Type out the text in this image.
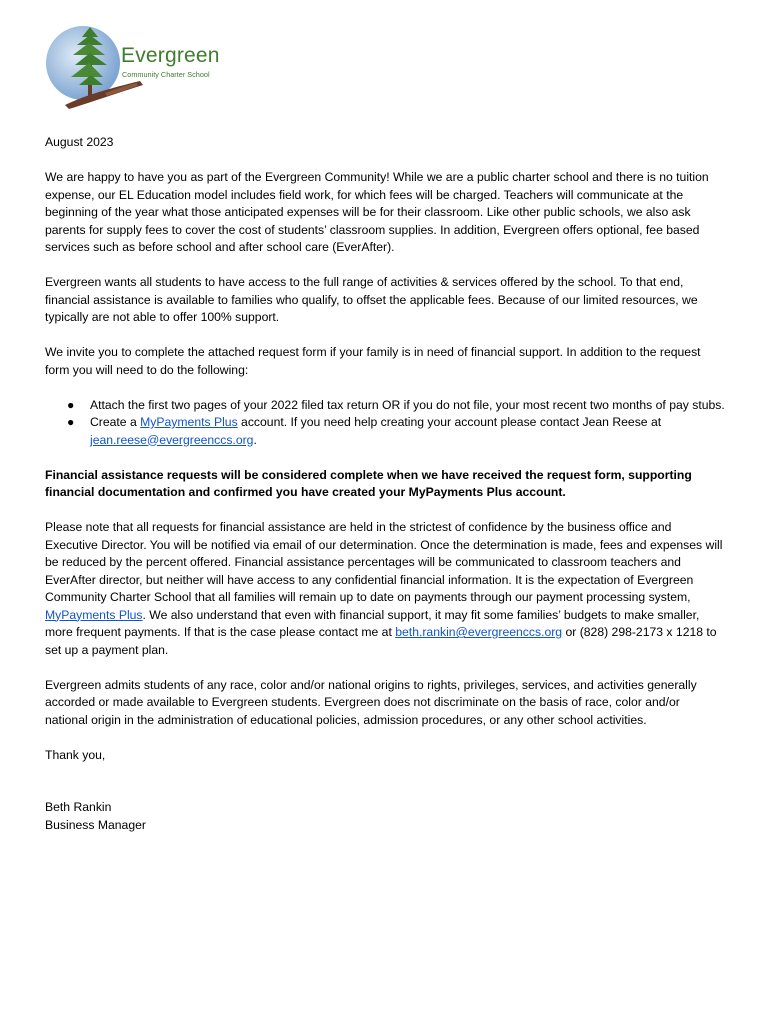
Evergreen
Community Charter School

August 2023

We are happy to have you as part of the Evergreen Community! While we are a public charter school and there is no tuition expense, our EL Education model includes field work, for which fees will be charged. Teachers will communicate at the beginning of the year what those anticipated expenses will be for their classroom. Like other public schools, we also ask parents for supply fees to cover the cost of students’ classroom supplies. In addition, Evergreen offers optional, fee based services such as before school and after school care (EverAfter).

Evergreen wants all students to have access to the full range of activities & services offered by the school. To that end, financial assistance is available to families who qualify, to offset the applicable fees. Because of our limited resources, we typically are not able to offer 100% support.

We invite you to complete the attached request form if your family is in need of financial support. In addition to the request form you will need to do the following:

● Attach the first two pages of your 2022 filed tax return OR if you do not file, your most recent two months of pay stubs.
● Create a MyPayments Plus account. If you need help creating your account please contact Jean Reese at jean.reese@evergreenccs.org.

Financial assistance requests will be considered complete when we have received the request form, supporting financial documentation and confirmed you have created your MyPayments Plus account.

Please note that all requests for financial assistance are held in the strictest of confidence by the business office and Executive Director. You will be notified via email of our determination. Once the determination is made, fees and expenses will be reduced by the percent offered. Financial assistance percentages will be communicated to classroom teachers and EverAfter director, but neither will have access to any confidential financial information. It is the expectation of Evergreen Community Charter School that all families will remain up to date on payments through our payment processing system, MyPayments Plus. We also understand that even with financial support, it may fit some families’ budgets to make smaller, more frequent payments. If that is the case please contact me at beth.rankin@evergreenccs.org or (828) 298-2173 x 1218 to set up a payment plan.

Evergreen admits students of any race, color and/or national origins to rights, privileges, services, and activities generally accorded or made available to Evergreen students. Evergreen does not discriminate on the basis of race, color and/or national origin in the administration of educational policies, admission procedures, or any other school activities.

Thank you,

Beth Rankin

Business Manager
